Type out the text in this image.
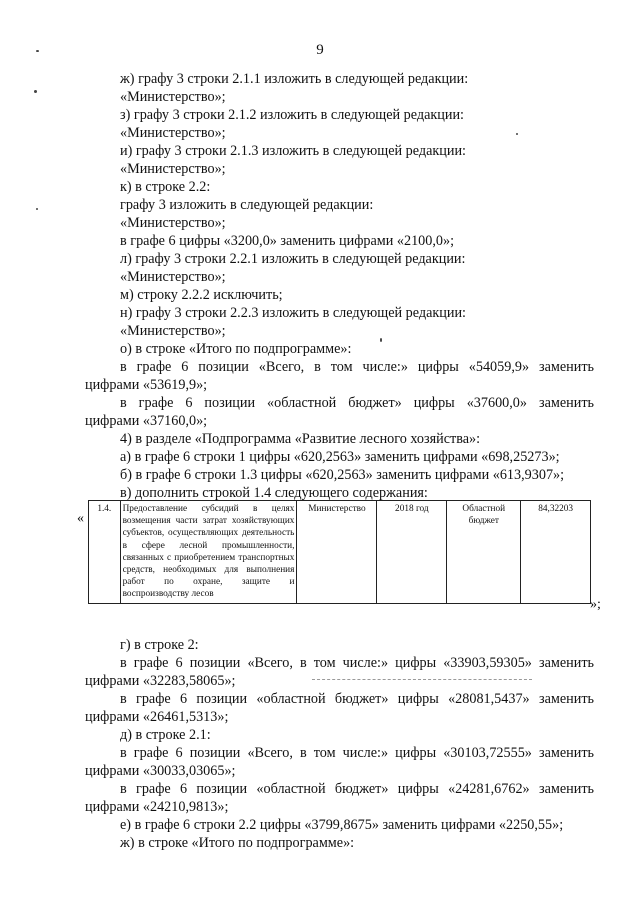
9
ж) графу 3 строки 2.1.1 изложить в следующей редакции:
«Министерство»;
з) графу 3 строки 2.1.2 изложить в следующей редакции:
«Министерство»;
и) графу 3 строки 2.1.3 изложить в следующей редакции:
«Министерство»;
к) в строке 2.2:
графу 3 изложить в следующей редакции:
«Министерство»;
в графе 6 цифры «3200,0» заменить цифрами «2100,0»;
л) графу 3 строки 2.2.1 изложить в следующей редакции:
«Министерство»;
м) строку 2.2.2 исключить;
н) графу 3 строки 2.2.3 изложить в следующей редакции:
«Министерство»;
о) в строке «Итого по подпрограмме»:
в графе 6 позиции «Всего, в том числе:» цифры «54059,9» заменить
цифрами «53619,9»;
в графе 6 позиции «областной бюджет» цифры «37600,0» заменить
цифрами «37160,0»;
4) в разделе «Подпрограмма «Развитие лесного хозяйства»:
а) в графе 6 строки 1 цифры «620,2563» заменить цифрами «698,25273»;
б) в графе 6 строки 1.3 цифры «620,2563» заменить цифрами «613,9307»;
в) дополнить строкой 1.4 следующего содержания:
«
1.4.	Предоставление субсидий в целях возмещения части затрат хозяйствующих субъектов, осуществляющих деятельность в сфере лесной промышленности, связанных с приобретением транспортных средств, необходимых для выполнения работ по охране, защите и воспроизводству лесов	Министерство	2018 год	Областной бюджет	84,32203
»;
г) в строке 2:
в графе 6 позиции «Всего, в том числе:» цифры «33903,59305» заменить
цифрами «32283,58065»;
в графе 6 позиции «областной бюджет» цифры «28081,5437» заменить
цифрами «26461,5313»;
д) в строке 2.1:
в графе 6 позиции «Всего, в том числе:» цифры «30103,72555» заменить
цифрами «30033,03065»;
в графе 6 позиции «областной бюджет» цифры «24281,6762» заменить
цифрами «24210,9813»;
е) в графе 6 строки 2.2 цифры «3799,8675» заменить цифрами «2250,55»;
ж) в строке «Итого по подпрограмме»:
